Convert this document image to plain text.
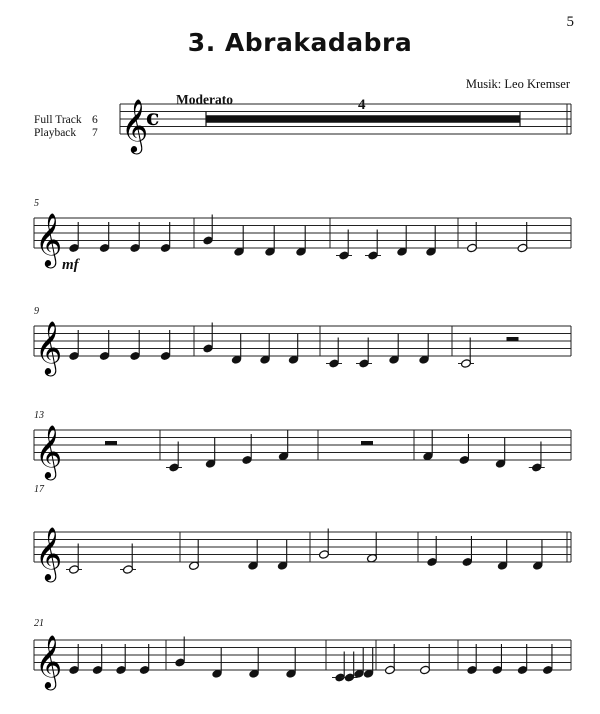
5
3. Abrakadabra
Musik: Leo Kremser
Moderato
Full Track 6
Playback 7
4
mf
5
9
13
17
21
𝄞
c
𝄞
𝄞
𝄞
𝄞
𝄞
